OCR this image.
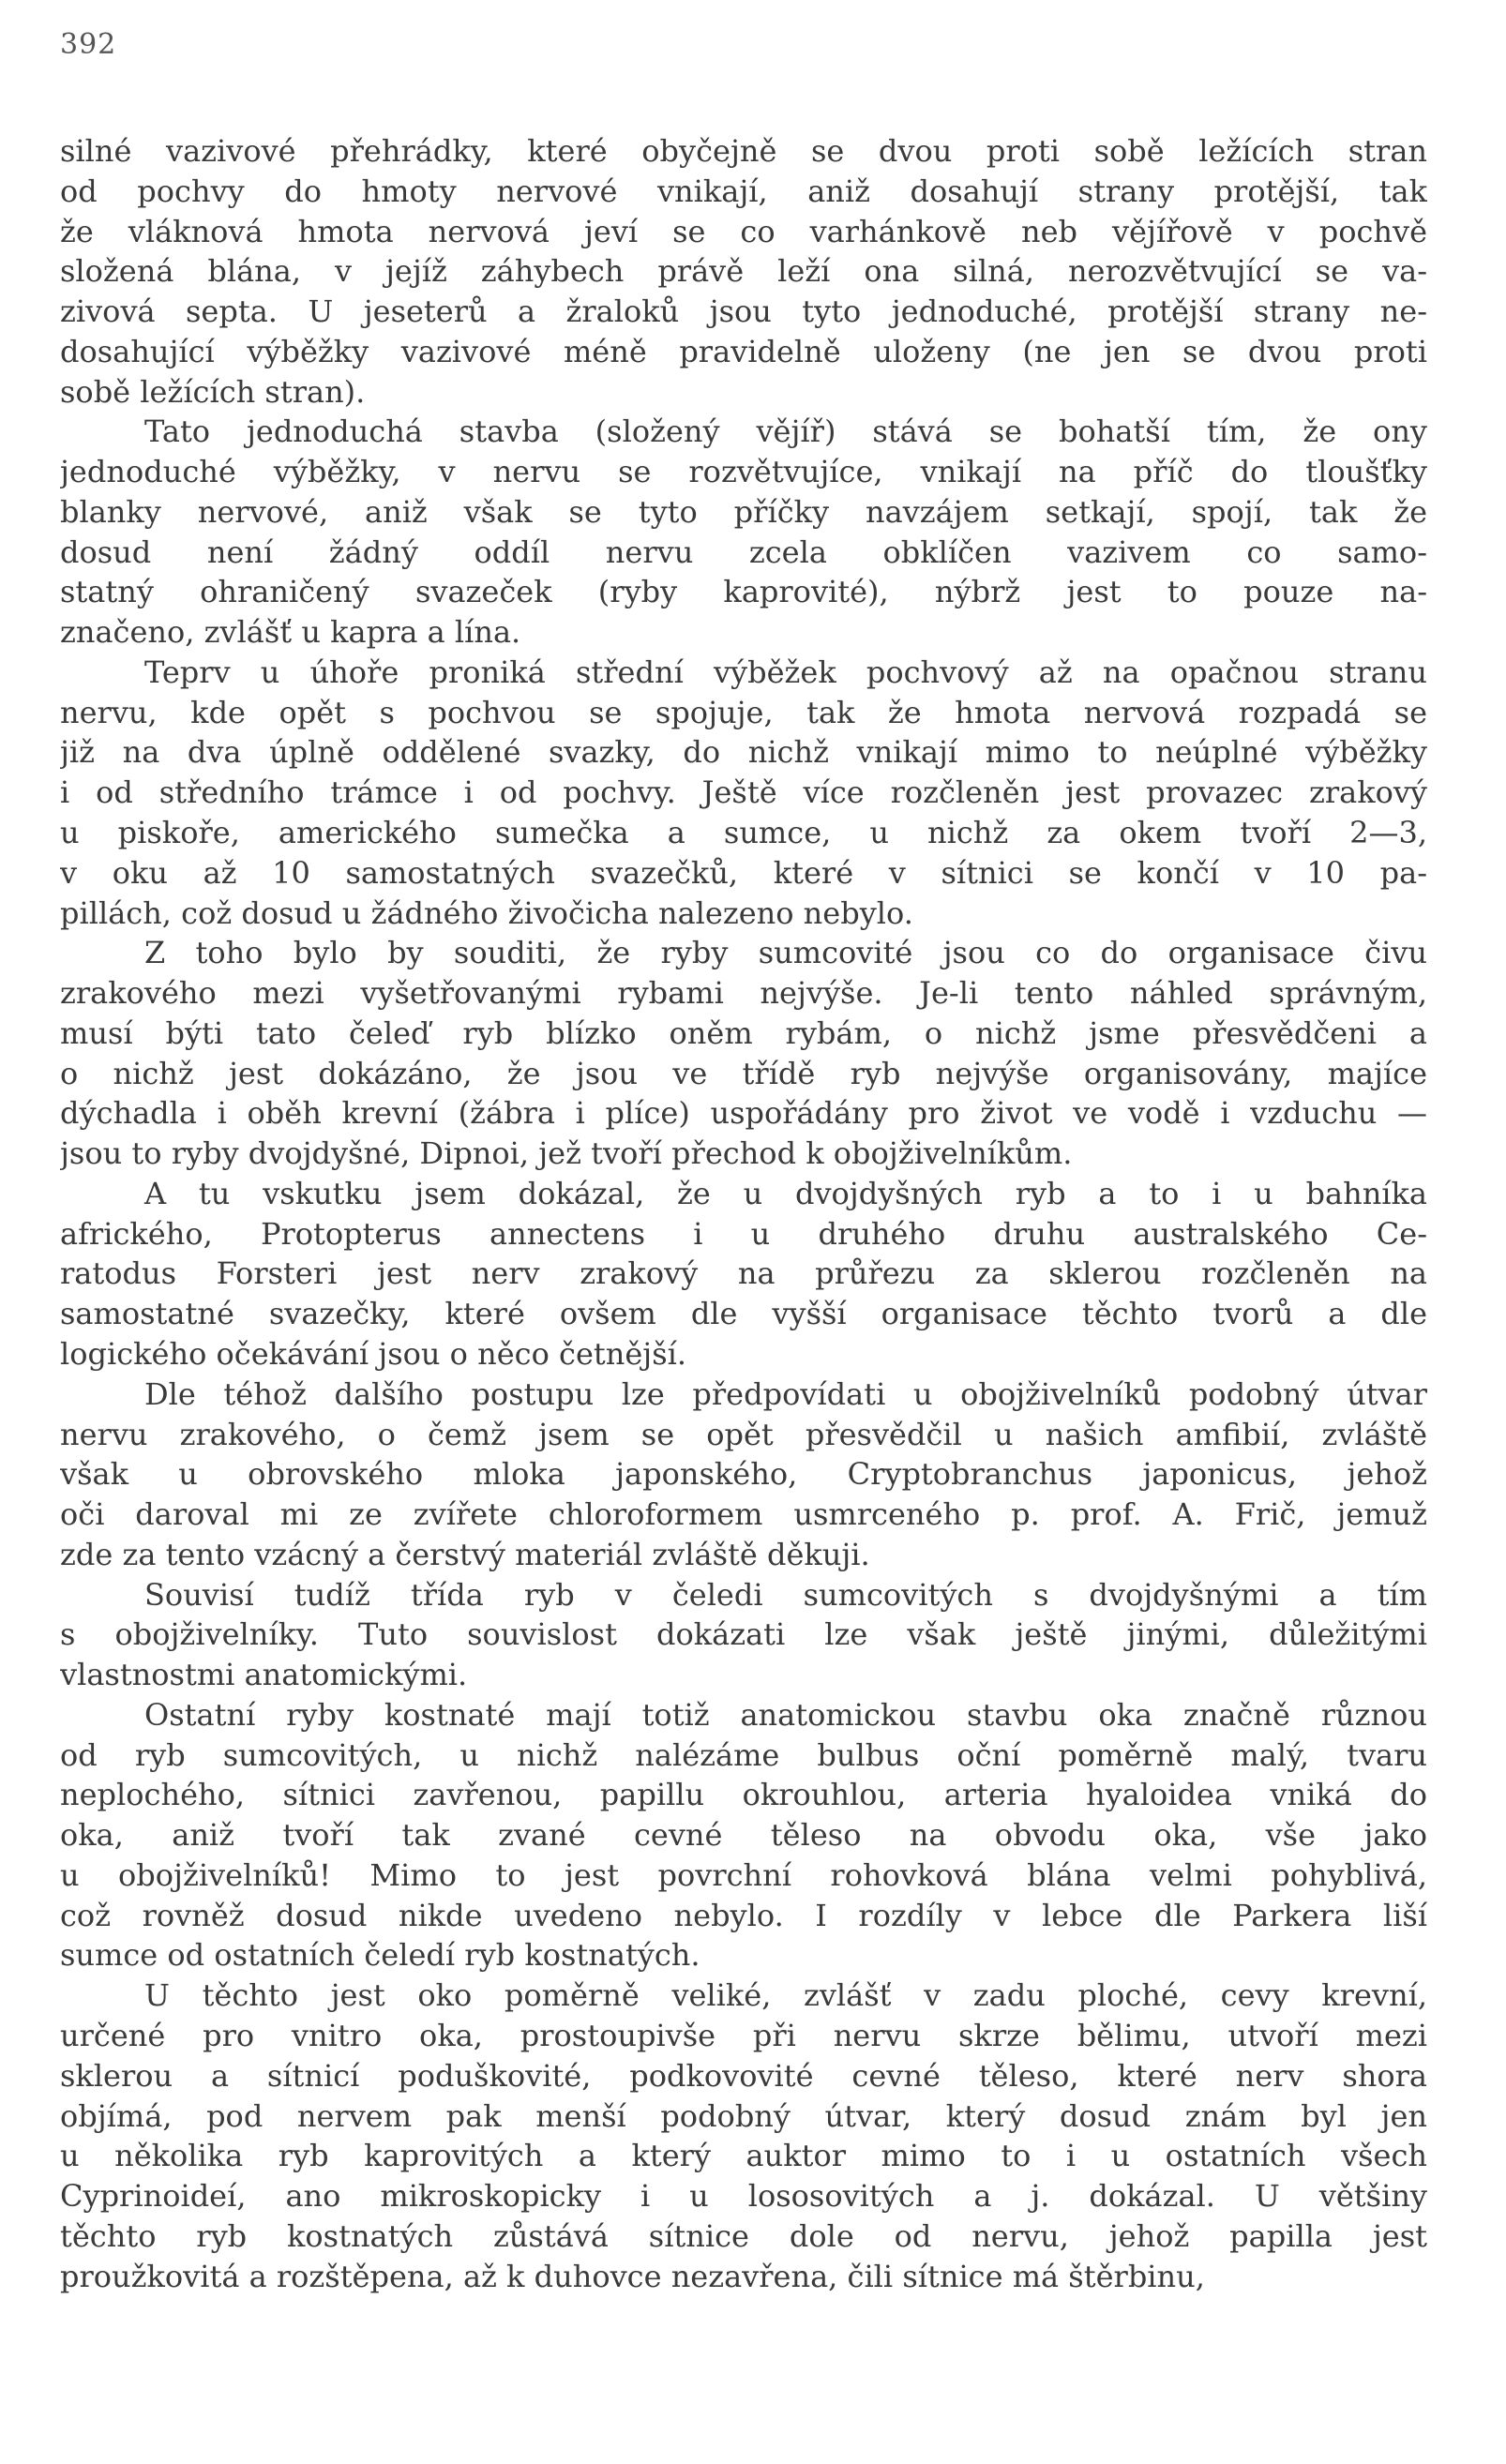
392
silné vazivové přehrádky, které obyčejně se dvou proti sobě ležících stran
od pochvy do hmoty nervové vnikají, aniž dosahují strany protější, tak
že vláknová hmota nervová jeví se co varhánkově neb vějířově v pochvě
složená blána, v jejíž záhybech právě leží ona silná, nerozvětvující se va-
zivová septa. U jeseterů a žraloků jsou tyto jednoduché, protější strany ne-
dosahující výběžky vazivové méně pravidelně uloženy (ne jen se dvou proti
sobě ležících stran).
Tato jednoduchá stavba (složený vějíř) stává se bohatší tím, že ony
jednoduché výběžky, v nervu se rozvětvujíce, vnikají na příč do tloušťky
blanky nervové, aniž však se tyto příčky navzájem setkají, spojí, tak že
dosud není žádný oddíl nervu zcela obklíčen vazivem co samo-
statný ohraničený svazeček (ryby kaprovité), nýbrž jest to pouze na-
značeno, zvlášť u kapra a lína.
Teprv u úhoře proniká střední výběžek pochvový až na opačnou stranu
nervu, kde opět s pochvou se spojuje, tak že hmota nervová rozpadá se
již na dva úplně oddělené svazky, do nichž vnikají mimo to neúplné výběžky
i od středního trámce i od pochvy. Ještě více rozčleněn jest provazec zrakový
u piskoře, amerického sumečka a sumce, u nichž za okem tvoří 2—3,
v oku až 10 samostatných svazečků, které v sítnici se končí v 10 pa-
pillách, což dosud u žádného živočicha nalezeno nebylo.
Z toho bylo by souditi, že ryby sumcovité jsou co do organisace čivu
zrakového mezi vyšetřovanými rybami nejvýše. Je-li tento náhled správným,
musí býti tato čeleď ryb blízko oněm rybám, o nichž jsme přesvědčeni a
o nichž jest dokázáno, že jsou ve třídě ryb nejvýše organisovány, majíce
dýchadla i oběh krevní (žábra i plíce) uspořádány pro život ve vodě i vzduchu —
jsou to ryby dvojdyšné, Dipnoi, jež tvoří přechod k obojživelníkům.
A tu vskutku jsem dokázal, že u dvojdyšných ryb a to i u bahníka
afrického, Protopterus annectens i u druhého druhu australského Ce-
ratodus Forsteri jest nerv zrakový na průřezu za sklerou rozčleněn na
samostatné svazečky, které ovšem dle vyšší organisace těchto tvorů a dle
logického očekávání jsou o něco četnější.
Dle téhož dalšího postupu lze předpovídati u obojživelníků podobný útvar
nervu zrakového, o čemž jsem se opět přesvědčil u našich amfibií, zvláště
však u obrovského mloka japonského, Cryptobranchus japonicus, jehož
oči daroval mi ze zvířete chloroformem usmrceného p. prof. A. Frič, jemuž
zde za tento vzácný a čerstvý materiál zvláště děkuji.
Souvisí tudíž třída ryb v čeledi sumcovitých s dvojdyšnými a tím
s obojživelníky. Tuto souvislost dokázati lze však ještě jinými, důležitými
vlastnostmi anatomickými.
Ostatní ryby kostnaté mají totiž anatomickou stavbu oka značně různou
od ryb sumcovitých, u nichž nalézáme bulbus oční poměrně malý, tvaru
neplochého, sítnici zavřenou, papillu okrouhlou, arteria hyaloidea vniká do
oka, aniž tvoří tak zvané cevné těleso na obvodu oka, vše jako
u obojživelníků! Mimo to jest povrchní rohovková blána velmi pohyblivá,
což rovněž dosud nikde uvedeno nebylo. I rozdíly v lebce dle Parkera liší
sumce od ostatních čeledí ryb kostnatých.
U těchto jest oko poměrně veliké, zvlášť v zadu ploché, cevy krevní,
určené pro vnitro oka, prostoupivše při nervu skrze bělimu, utvoří mezi
sklerou a sítnicí poduškovité, podkovovité cevné těleso, které nerv shora
objímá, pod nervem pak menší podobný útvar, který dosud znám byl jen
u několika ryb kaprovitých a který auktor mimo to i u ostatních všech
Cyprinoideí, ano mikroskopicky i u lososovitých a j. dokázal. U většiny
těchto ryb kostnatých zůstává sítnice dole od nervu, jehož papilla jest
proužkovitá a rozštěpena, až k duhovce nezavřena, čili sítnice má štěrbinu,
